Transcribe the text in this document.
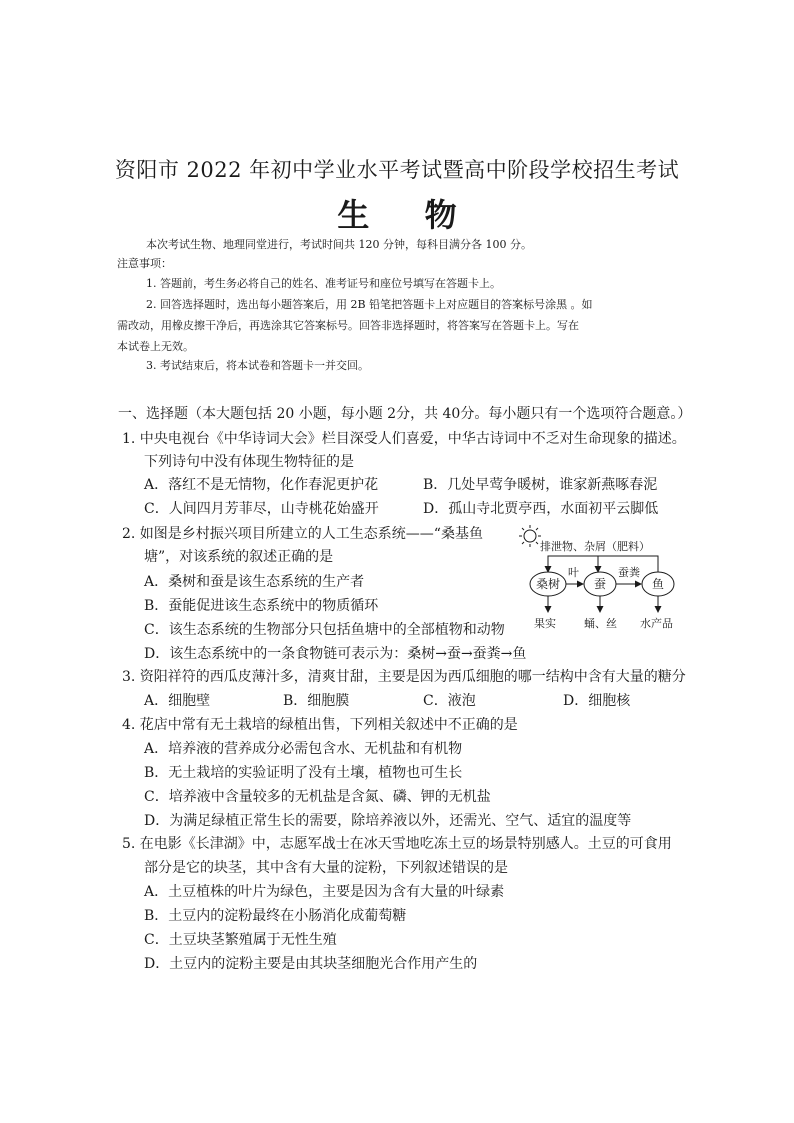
资阳市 2022 年初中学业水平考试暨高中阶段学校招生考试
生 物
本次考试生物、地理同堂进行，考试时间共 120 分钟，每科目满分各 100 分。
注意事项：
1. 答题前，考生务必将自己的姓名、准考证号和座位号填写在答题卡上。
2. 回答选择题时，选出每小题答案后，用 2B 铅笔把答题卡上对应题目的答案标号涂黑 。如
需改动，用橡皮擦干净后，再选涂其它答案标号。回答非选择题时，将答案写在答题卡上。写在
本试卷上无效。
3. 考试结束后，将本试卷和答题卡一并交回。
一、选择题（本大题包括 20 小题，每小题 2分，共 40分。每小题只有一个选项符合题意。）
1. 中央电视台《中华诗词大会》栏目深受人们喜爱，中华古诗词中不乏对生命现象的描述。
下列诗句中没有体现生物特征的是
A．落红不是无情物，化作春泥更护花	B．几处早莺争暖树，谁家新燕啄春泥
C．人间四月芳菲尽，山寺桃花始盛开	D．孤山寺北贾亭西，水面初平云脚低
2. 如图是乡村振兴项目所建立的人工生态系统——“桑基鱼
塘”，对该系统的叙述正确的是
A．桑树和蚕是该生态系统的生产者
B．蚕能促进该生态系统中的物质循环
C．该生态系统的生物部分只包括鱼塘中的全部植物和动物
D．该生态系统中的一条食物链可表示为：桑树→蚕→蚕粪→鱼
排泄物、杂屑（肥料）
桑树	蚕	鱼
叶	蚕粪
果实	蛹、丝 水产品
3. 资阳祥符的西瓜皮薄汁多，清爽甘甜，主要是因为西瓜细胞的哪一结构中含有大量的糖分
A．细胞壁	B．细胞膜	C．液泡	D．细胞核
4. 花店中常有无土栽培的绿植出售，下列相关叙述中不正确的是
A．培养液的营养成分必需包含水、无机盐和有机物
B．无土栽培的实验证明了没有土壤，植物也可生长
C．培养液中含量较多的无机盐是含氮、磷、钾的无机盐
D．为满足绿植正常生长的需要，除培养液以外，还需光、空气、适宜的温度等
5. 在电影《长津湖》中，志愿军战士在冰天雪地吃冻土豆的场景特别感人。土豆的可食用
部分是它的块茎，其中含有大量的淀粉，下列叙述错误的是
A．土豆植株的叶片为绿色，主要是因为含有大量的叶绿素
B．土豆内的淀粉最终在小肠消化成葡萄糖
C．土豆块茎繁殖属于无性生殖
D．土豆内的淀粉主要是由其块茎细胞光合作用产生的
